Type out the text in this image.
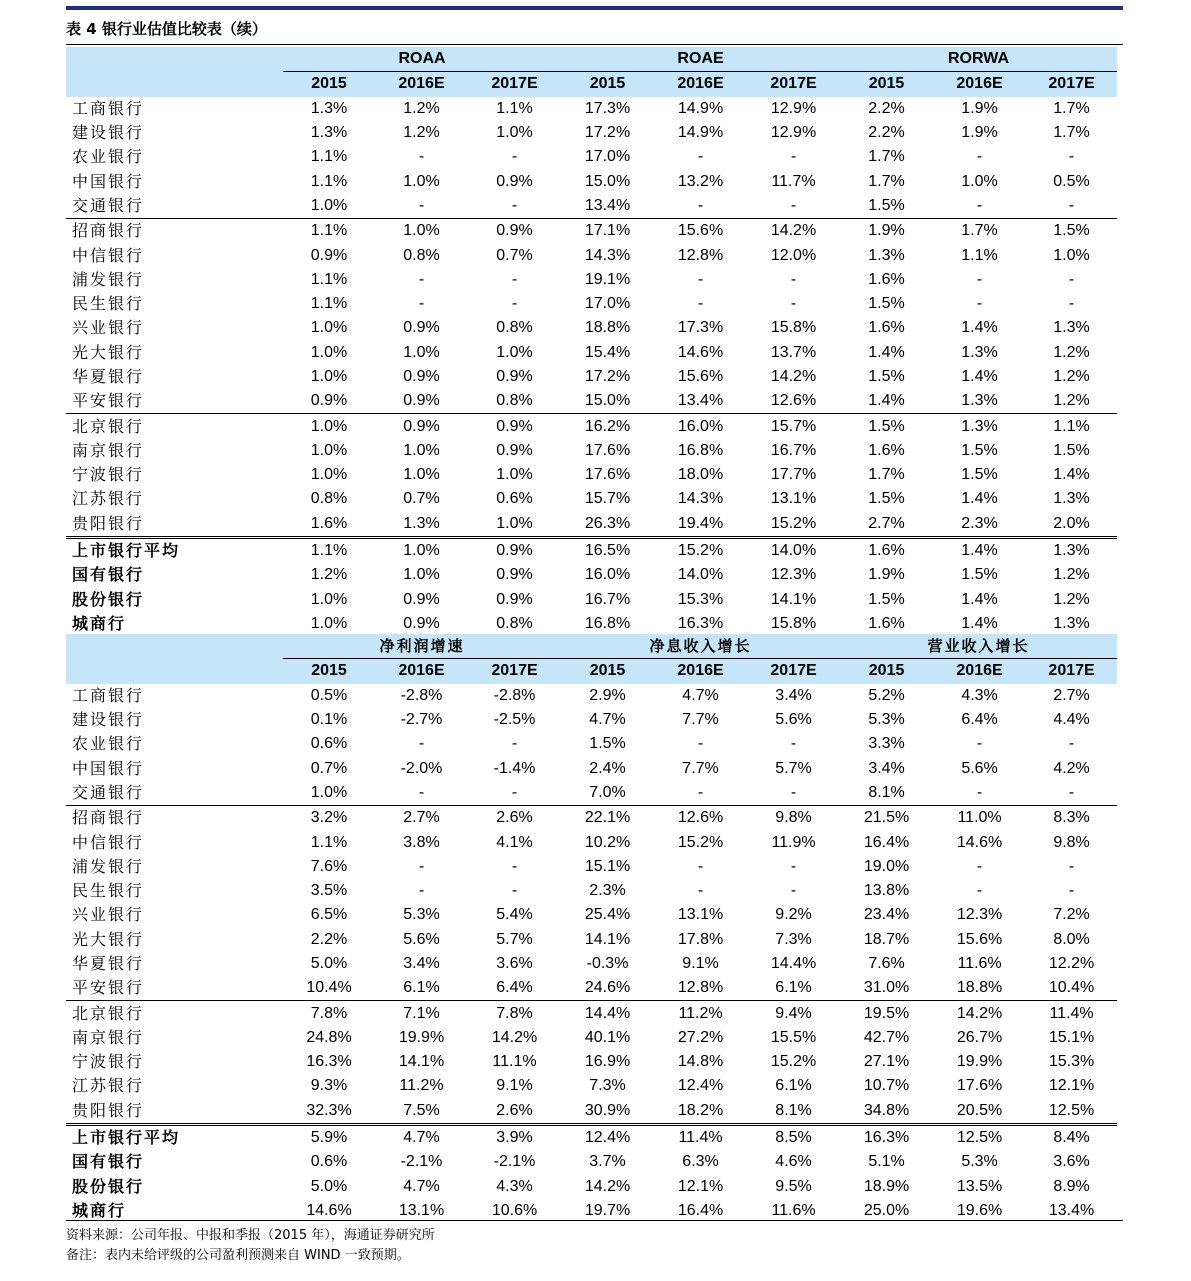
表 4 银行业估值比较表（续）
	ROAA			ROAE			RORWA		
	2015	2016E	2017E	2015	2016E	2017E	2015	2016E	2017E
工商银行	1.3%	1.2%	1.1%	17.3%	14.9%	12.9%	2.2%	1.9%	1.7%
建设银行	1.3%	1.2%	1.0%	17.2%	14.9%	12.9%	2.2%	1.9%	1.7%
农业银行	1.1%	-	-	17.0%	-	-	1.7%	-	-
中国银行	1.1%	1.0%	0.9%	15.0%	13.2%	11.7%	1.7%	1.0%	0.5%
交通银行	1.0%	-	-	13.4%	-	-	1.5%	-	-
招商银行	1.1%	1.0%	0.9%	17.1%	15.6%	14.2%	1.9%	1.7%	1.5%
中信银行	0.9%	0.8%	0.7%	14.3%	12.8%	12.0%	1.3%	1.1%	1.0%
浦发银行	1.1%	-	-	19.1%	-	-	1.6%	-	-
民生银行	1.1%	-	-	17.0%	-	-	1.5%	-	-
兴业银行	1.0%	0.9%	0.8%	18.8%	17.3%	15.8%	1.6%	1.4%	1.3%
光大银行	1.0%	1.0%	1.0%	15.4%	14.6%	13.7%	1.4%	1.3%	1.2%
华夏银行	1.0%	0.9%	0.9%	17.2%	15.6%	14.2%	1.5%	1.4%	1.2%
平安银行	0.9%	0.9%	0.8%	15.0%	13.4%	12.6%	1.4%	1.3%	1.2%
北京银行	1.0%	0.9%	0.9%	16.2%	16.0%	15.7%	1.5%	1.3%	1.1%
南京银行	1.0%	1.0%	0.9%	17.6%	16.8%	16.7%	1.6%	1.5%	1.5%
宁波银行	1.0%	1.0%	1.0%	17.6%	18.0%	17.7%	1.7%	1.5%	1.4%
江苏银行	0.8%	0.7%	0.6%	15.7%	14.3%	13.1%	1.5%	1.4%	1.3%
贵阳银行	1.6%	1.3%	1.0%	26.3%	19.4%	15.2%	2.7%	2.3%	2.0%
上市银行平均	1.1%	1.0%	0.9%	16.5%	15.2%	14.0%	1.6%	1.4%	1.3%
国有银行	1.2%	1.0%	0.9%	16.0%	14.0%	12.3%	1.9%	1.5%	1.2%
股份银行	1.0%	0.9%	0.9%	16.7%	15.3%	14.1%	1.5%	1.4%	1.2%
城商行	1.0%	0.9%	0.8%	16.8%	16.3%	15.8%	1.6%	1.4%	1.3%
	净利润增速			净息收入增长			营业收入增长		
	2015	2016E	2017E	2015	2016E	2017E	2015	2016E	2017E
工商银行	0.5%	-2.8%	-2.8%	2.9%	4.7%	3.4%	5.2%	4.3%	2.7%
建设银行	0.1%	-2.7%	-2.5%	4.7%	7.7%	5.6%	5.3%	6.4%	4.4%
农业银行	0.6%	-	-	1.5%	-	-	3.3%	-	-
中国银行	0.7%	-2.0%	-1.4%	2.4%	7.7%	5.7%	3.4%	5.6%	4.2%
交通银行	1.0%	-	-	7.0%	-	-	8.1%	-	-
招商银行	3.2%	2.7%	2.6%	22.1%	12.6%	9.8%	21.5%	11.0%	8.3%
中信银行	1.1%	3.8%	4.1%	10.2%	15.2%	11.9%	16.4%	14.6%	9.8%
浦发银行	7.6%	-	-	15.1%	-	-	19.0%	-	-
民生银行	3.5%	-	-	2.3%	-	-	13.8%	-	-
兴业银行	6.5%	5.3%	5.4%	25.4%	13.1%	9.2%	23.4%	12.3%	7.2%
光大银行	2.2%	5.6%	5.7%	14.1%	17.8%	7.3%	18.7%	15.6%	8.0%
华夏银行	5.0%	3.4%	3.6%	-0.3%	9.1%	14.4%	7.6%	11.6%	12.2%
平安银行	10.4%	6.1%	6.4%	24.6%	12.8%	6.1%	31.0%	18.8%	10.4%
北京银行	7.8%	7.1%	7.8%	14.4%	11.2%	9.4%	19.5%	14.2%	11.4%
南京银行	24.8%	19.9%	14.2%	40.1%	27.2%	15.5%	42.7%	26.7%	15.1%
宁波银行	16.3%	14.1%	11.1%	16.9%	14.8%	15.2%	27.1%	19.9%	15.3%
江苏银行	9.3%	11.2%	9.1%	7.3%	12.4%	6.1%	10.7%	17.6%	12.1%
贵阳银行	32.3%	7.5%	2.6%	30.9%	18.2%	8.1%	34.8%	20.5%	12.5%
上市银行平均	5.9%	4.7%	3.9%	12.4%	11.4%	8.5%	16.3%	12.5%	8.4%
国有银行	0.6%	-2.1%	-2.1%	3.7%	6.3%	4.6%	5.1%	5.3%	3.6%
股份银行	5.0%	4.7%	4.3%	14.2%	12.1%	9.5%	18.9%	13.5%	8.9%
城商行	14.6%	13.1%	10.6%	19.7%	16.4%	11.6%	25.0%	19.6%	13.4%
资料来源：公司年报、中报和季报（2015 年），海通证券研究所
备注：表内未给评级的公司盈利预测来自 WIND 一致预期。
